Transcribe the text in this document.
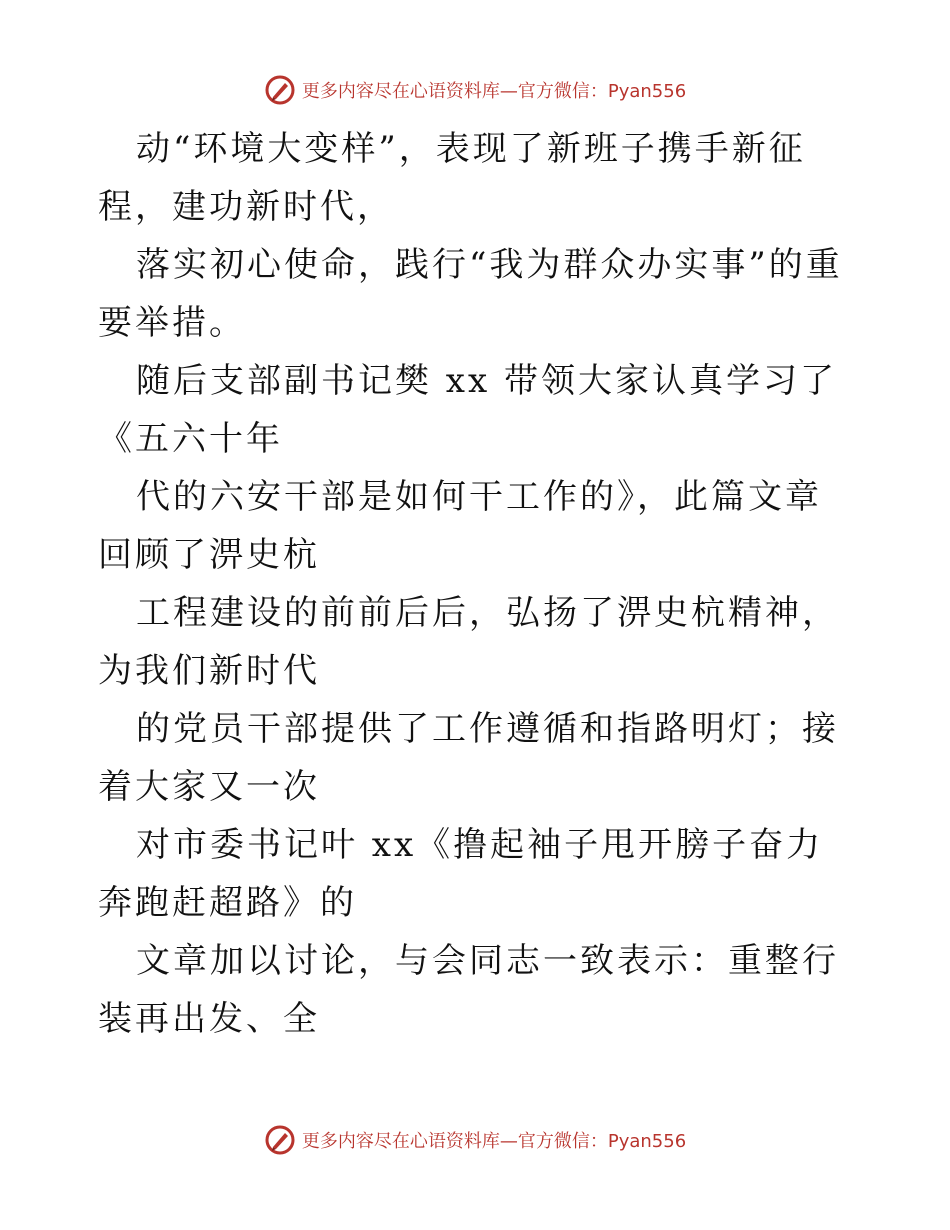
更多内容尽在心语资料库—官方微信：Pyan556

动“环境大变样”，表现了新班子携手新征程，建功新时代，

落实初心使命，践行“我为群众办实事”的重要举措。

随后支部副书记樊 xx 带领大家认真学习了《五六十年

代的六安干部是如何干工作的》，此篇文章回顾了淠史杭

工程建设的前前后后，弘扬了淠史杭精神，为我们新时代

的党员干部提供了工作遵循和指路明灯；接着大家又一次

对市委书记叶 xx《撸起袖子甩开膀子奋力奔跑赶超路》的

文章加以讨论，与会同志一致表示：重整行装再出发、全

更多内容尽在心语资料库—官方微信：Pyan556
